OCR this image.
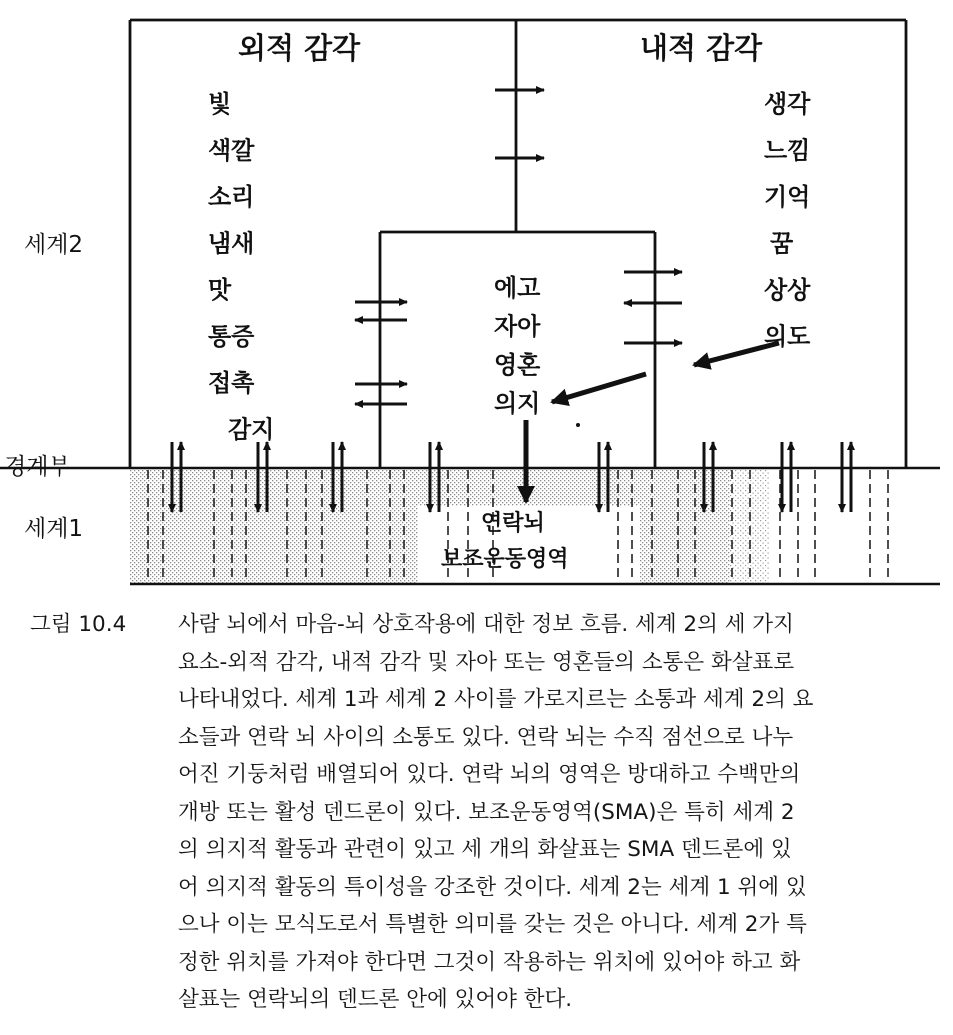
외적 감각
빛
색깔
소리
냄새
맛
통증
접촉
감지
내적 감각
생각
느낌
기억
꿈
상상
의도
에고
자아
영혼
의지
세계2
경계부
세계1	연락뇌
보조운동영역
그림 10.4	사람 뇌에서 마음-뇌 상호작용에 대한 정보 흐름. 세계 2의 세 가지
요소-외적 감각, 내적 감각 및 자아 또는 영혼들의 소통은 화살표로
나타내었다. 세계 1과 세계 2 사이를 가로지르는 소통과 세계 2의 요
소들과 연락 뇌 사이의 소통도 있다. 연락 뇌는 수직 점선으로 나누
어진 기둥처럼 배열되어 있다. 연락 뇌의 영역은 방대하고 수백만의
개방 또는 활성 덴드론이 있다. 보조운동영역(SMA)은 특히 세계 2
의 의지적 활동과 관련이 있고 세 개의 화살표는 SMA 덴드론에 있
어 의지적 활동의 특이성을 강조한 것이다. 세계 2는 세계 1 위에 있
으나 이는 모식도로서 특별한 의미를 갖는 것은 아니다. 세계 2가 특
정한 위치를 가져야 한다면 그것이 작용하는 위치에 있어야 하고 화
살표는 연락뇌의 덴드론 안에 있어야 한다.
